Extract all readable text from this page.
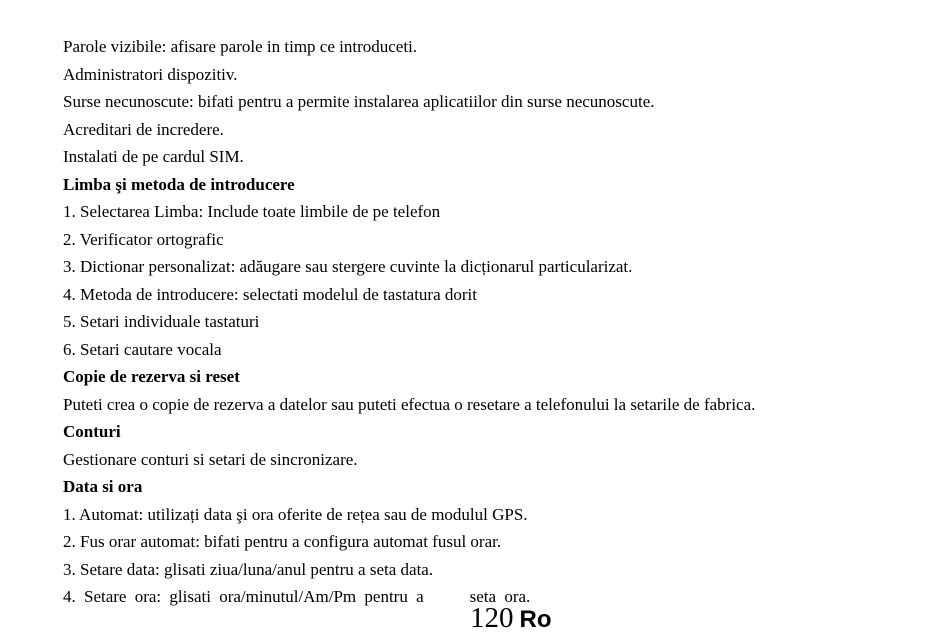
Parole vizibile: afisare parole in timp ce introduceti.
Administratori dispozitiv.
Surse necunoscute: bifati pentru a permite instalarea aplicatiilor din surse necunoscute.
Acreditari de incredere.
Instalati de pe cardul SIM.
Limba şi metoda de introducere
1. Selectarea Limba: Include toate limbile de pe telefon
2. Verificator ortografic
3. Dictionar personalizat: adăugare sau stergere cuvinte la dicționarul particularizat.
4. Metoda de introducere: selectati modelul de tastatura dorit
5. Setari individuale tastaturi
6. Setari cautare vocala
Copie de rezerva si reset
Puteti crea o copie de rezerva a datelor sau puteti efectua o resetare a telefonului la setarile de fabrica.
Conturi
Gestionare conturi si setari de sincronizare.
Data si ora
1. Automat: utilizați data şi ora oferite de rețea sau de modulul GPS.
2. Fus orar automat: bifati pentru a configura automat fusul orar.
3. Setare data: glisati ziua/luna/anul pentru a seta data.
4. Setare ora: glisati ora/minutul/Am/Pm pentru a	seta ora.
120 Ro
